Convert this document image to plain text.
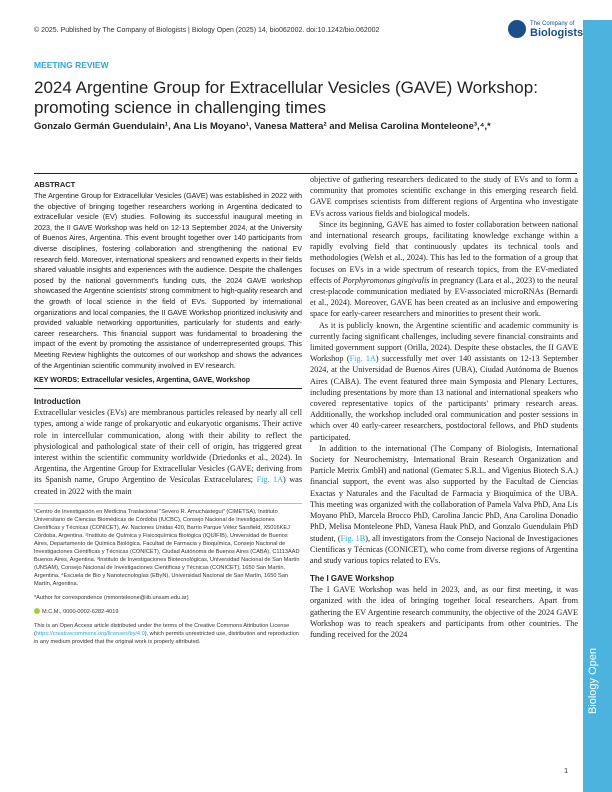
© 2025. Published by The Company of Biologists | Biology Open (2025) 14, bio062002. doi:10.1242/bio.062002
The Company of
Biologists
Biology Open
MEETING REVIEW
2024 Argentine Group for Extracellular Vesicles (GAVE) Workshop: promoting science in challenging times
Gonzalo Germán Guendulain¹, Ana Lis Moyano¹, Vanesa Mattera² and Melisa Carolina Monteleone³,⁴,*

ABSTRACT

The Argentine Group for Extracellular Vesicles (GAVE) was established in 2022 with the objective of bringing together researchers working in Argentina dedicated to extracellular vesicle (EV) studies. Following its successful inaugural meeting in 2023, the II GAVE Workshop was held on 12-13 September 2024, at the University of Buenos Aires, Argentina. This event brought together over 140 participants from diverse disciplines, fostering collaboration and strengthening the national EV research field. Moreover, international speakers and renowned experts in their fields shared valuable insights and experiences with the audience. Despite the challenges posed by the national government's funding cuts, the 2024 GAVE workshop showcased the Argentine scientists' strong commitment to high-quality research and the growth of local science in the field of EVs. Supported by international organizations and local companies, the II GAVE Workshop prioritized inclusivity and provided valuable networking opportunities, particularly for students and early-career researchers. This financial support was fundamental to broadening the impact of the event by promoting the assistance of underrepresented groups. This Meeting Review highlights the outcomes of our workshop and shows the advances of the Argentinian scientific community involved in EV research.

KEY WORDS: Extracellular vesicles, Argentina, GAVE, Workshop

Introduction

Extracellular vesicles (EVs) are membranous particles released by nearly all cell types, among a wide range of prokaryotic and eukaryotic organisms. Their active role in intercellular communication, along with their ability to reflect the physiological and pathological state of their cell of origin, has triggered great interest within the scientific community worldwide (Driedonks et al., 2024). In Argentina, the Argentine Group for Extracellular Vesicles (GAVE; deriving from its Spanish name, Grupo Argentino de Vesículas Extracelulares; Fig. 1A) was created in 2022 with the main

¹Centro de Investigación en Medicina Traslacional "Severo R. Amuchástegui" (CIMETSA), Instituto Universitario de Ciencias Biomédicas de Córdoba (IUCBC), Consejo Nacional de Investigaciones Científicas y Técnicas (CONICET), Av. Naciones Unidas 420, Barrio Parque Vélez Sarsfield, X5016KEJ Córdoba, Argentina. ²Instituto de Química y Fisicoquímica Biológica (IQUIFIB), Universidad de Buenos Aires, Departamento de Química Biológica, Facultad de Farmacia y Bioquímica, Consejo Nacional de Investigaciones Científicas y Técnicas (CONICET), Ciudad Autónoma de Buenos Aires (CABA), C1113AAD Buenos Aires, Argentina. ³Instituto de Investigaciones Biotecnológicas, Universidad Nacional de San Martín (UNSAM), Consejo Nacional de Investigaciones Científicas y Técnicas (CONICET), 1650 San Martín, Argentina. ⁴Escuela de Bio y Nanotecnologías (EByN), Universidad Nacional de San Martín, 1650 San Martín, Argentina.

*Author for correspondence (mmonteleone@iib.unsam.edu.ar)

M.C.M., 0000-0002-6282-4019

This is an Open Access article distributed under the terms of the Creative Commons Attribution License (https://creativecommons.org/licenses/by/4.0), which permits unrestricted use, distribution and reproduction in any medium provided that the original work is properly attributed.

objective of gathering researchers dedicated to the study of EVs and to form a community that promotes scientific exchange in this emerging research field. GAVE comprises scientists from different regions of Argentina who investigate EVs across various fields and biological models.

Since its beginning, GAVE has aimed to foster collaboration between national and international research groups, facilitating knowledge exchange within a rapidly evolving field that continuously updates its technical tools and methodologies (Welsh et al., 2024). This has led to the formation of a group that focuses on EVs in a wide spectrum of research topics, from the EV-mediated effects of Porphyromonas gingivalis in pregnancy (Lara et al., 2023) to the neural crest-placode communication mediated by EV-associated microRNAs (Bernardi et al., 2024). Moreover, GAVE has been created as an inclusive and empowering space for early-career researchers and minorities to present their work.

As it is publicly known, the Argentine scientific and academic community is currently facing significant challenges, including severe financial constraints and limited government support (Orilla, 2024). Despite these obstacles, the II GAVE Workshop (Fig. 1A) successfully met over 140 assistants on 12-13 September 2024, at the Universidad de Buenos Aires (UBA), Ciudad Autónoma de Buenos Aires (CABA). The event featured three main Symposia and Plenary Lectures, including presentations by more than 13 national and international speakers who covered representative topics of the participants' primary research areas. Additionally, the workshop included oral communication and poster sessions in which over 40 early-career researchers, postdoctoral fellows, and PhD students participated.

In addition to the international (The Company of Biologists, International Society for Neurochemistry, International Brain Research Organization and Particle Metrix GmbH) and national (Gematec S.R.L. and Vigenius Biotech S.A.) financial support, the event was also supported by the Facultad de Ciencias Exactas y Naturales and the Facultad de Farmacia y Bioquímica of the UBA. This meeting was organized with the collaboration of Pamela Valva PhD, Ana Lis Moyano PhD, Marcela Brocco PhD, Carolina Jancic PhD, Ana Carolina Donadio PhD, Melisa Monteleone PhD, Vanesa Hauk PhD, and Gonzalo Guendulain PhD student, (Fig. 1B), all investigators from the Consejo Nacional de Investigaciones Científicas y Técnicas (CONICET), who come from diverse regions of Argentina and study various topics related to EVs.

The I GAVE Workshop

The I GAVE Workshop was held in 2023, and, as our first meeting, it was organized with the idea of bringing together local researchers. Apart from gathering the EV Argentine research community, the objective of the 2024 GAVE Workshop was to reach speakers and participants from other countries. The funding received for the 2024

1
